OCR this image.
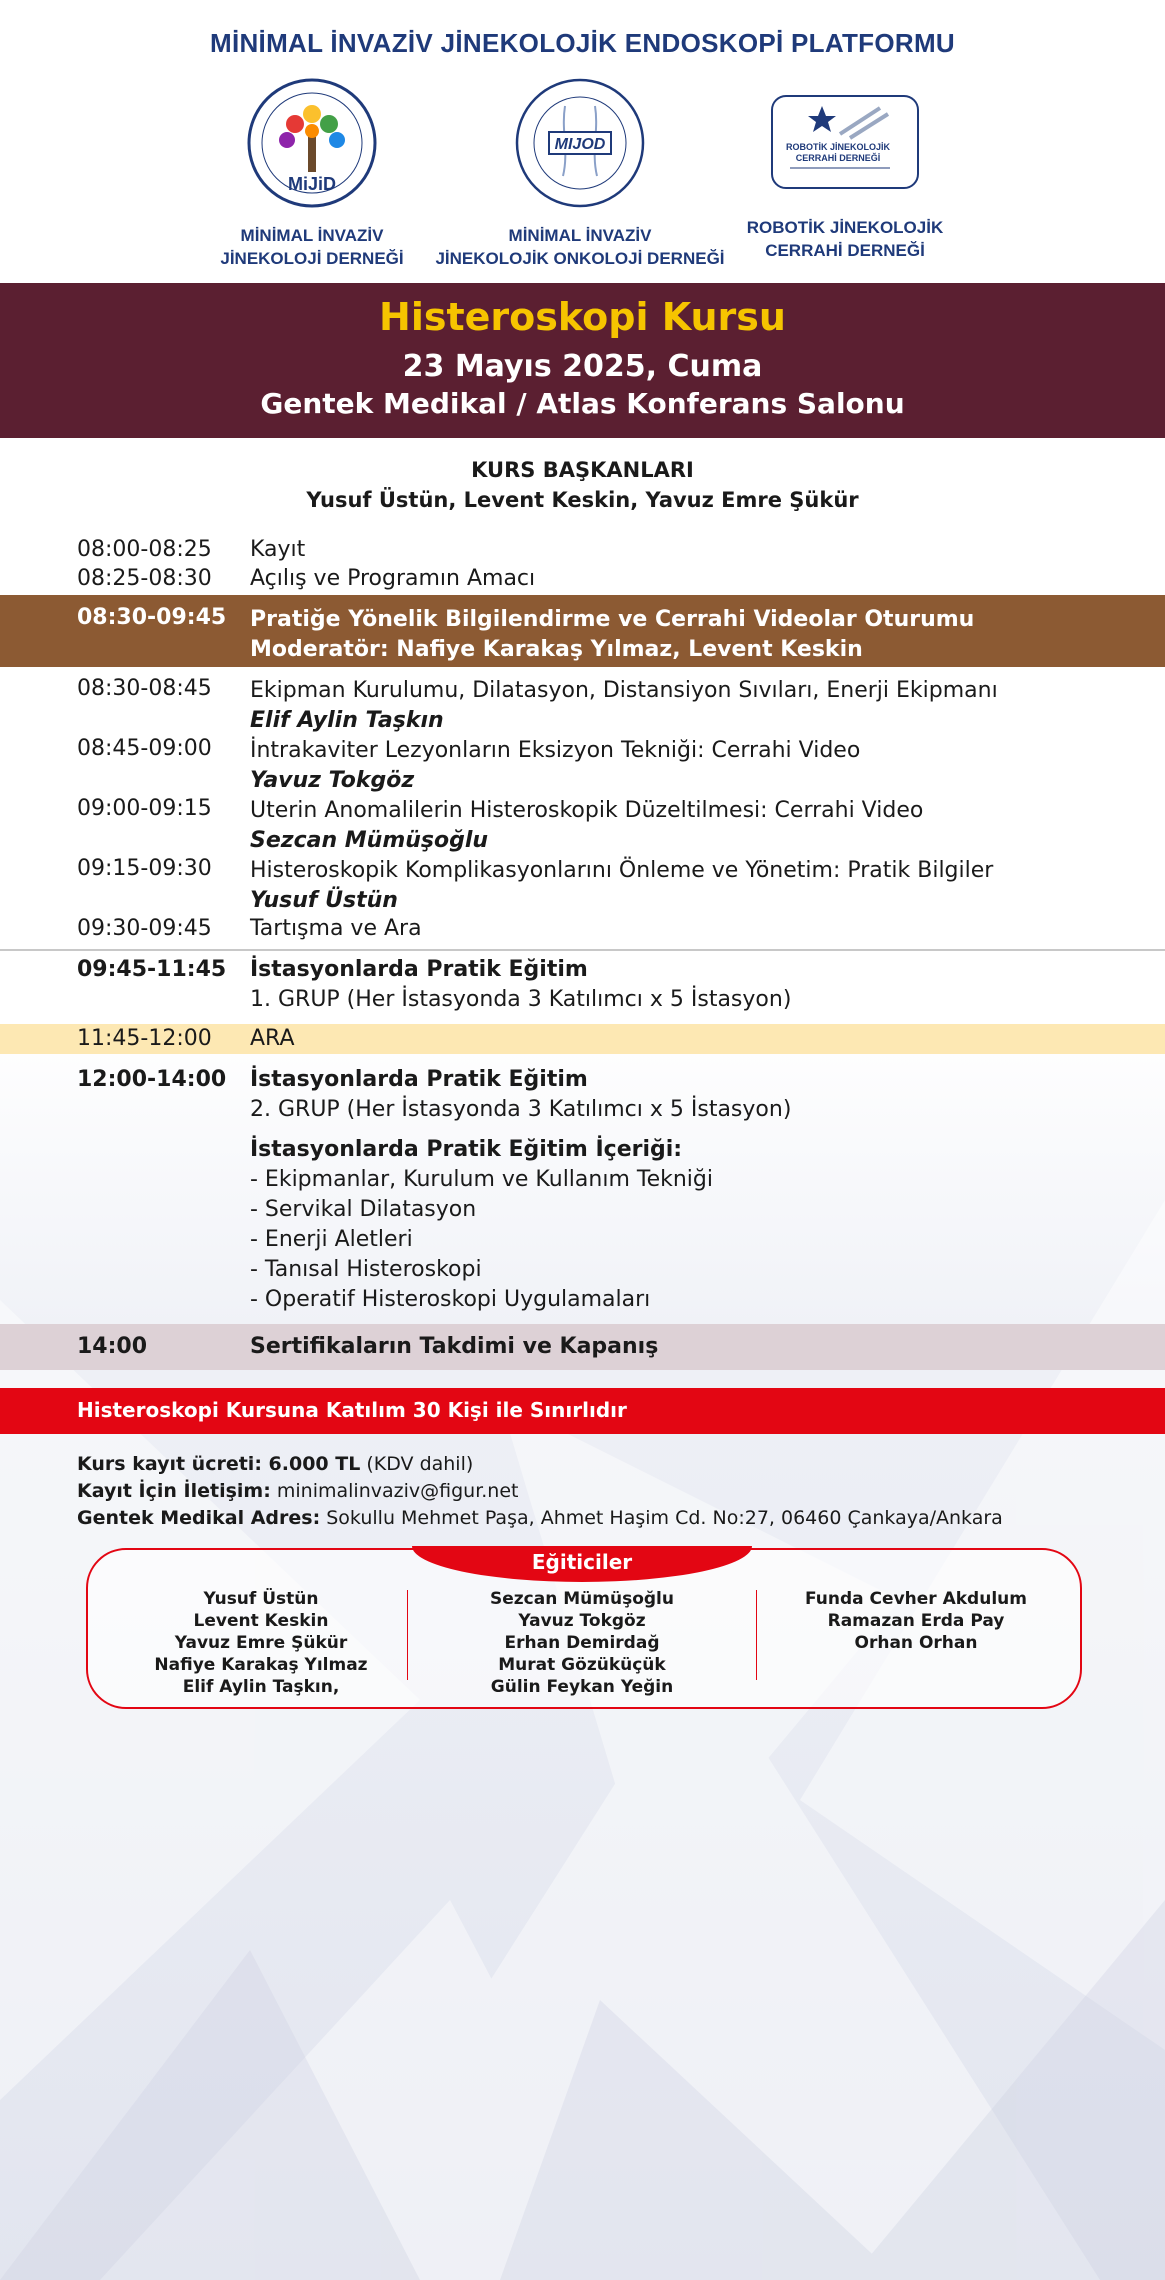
MİNİMAL İNVAZİV JİNEKOLOJİK ENDOSKOPİ PLATFORMU
MiJiD
MİNİMAL İNVAZİV
JİNEKOLOJİ DERNEĞİ
MIJOD
MİNİMAL İNVAZİV
JİNEKOLOJİK ONKOLOJİ DERNEĞİ
ROBOTİK JİNEKOLOJİK
CERRAHİ DERNEĞİ
ROBOTİK JİNEKOLOJİK
CERRAHİ DERNEĞİ
Histeroskopi Kursu
23 Mayıs 2025, Cuma
Gentek Medikal / Atlas Konferans Salonu
KURS BAŞKANLARI
Yusuf Üstün, Levent Keskin, Yavuz Emre Şükür
08:00-08:25 Kayıt
08:25-08:30 Açılış ve Programın Amacı
08:30-09:45 Pratiğe Yönelik Bilgilendirme ve Cerrahi Videolar Oturumu
Moderatör: Nafiye Karakaş Yılmaz, Levent Keskin
08:30-08:45 Ekipman Kurulumu, Dilatasyon, Distansiyon Sıvıları, Enerji Ekipmanı
Elif Aylin Taşkın
08:45-09:00 İntrakaviter Lezyonların Eksizyon Tekniği: Cerrahi Video
Yavuz Tokgöz
09:00-09:15 Uterin Anomalilerin Histeroskopik Düzeltilmesi: Cerrahi Video
Sezcan Mümüşoğlu
09:15-09:30 Histeroskopik Komplikasyonlarını Önleme ve Yönetim: Pratik Bilgiler
Yusuf Üstün
09:30-09:45 Tartışma ve Ara
09:45-11:45 İstasyonlarda Pratik Eğitim
1. GRUP (Her İstasyonda 3 Katılımcı x 5 İstasyon)
11:45-12:00 ARA
12:00-14:00 İstasyonlarda Pratik Eğitim
2. GRUP (Her İstasyonda 3 Katılımcı x 5 İstasyon)
İstasyonlarda Pratik Eğitim İçeriği:
- Ekipmanlar, Kurulum ve Kullanım Tekniği
- Servikal Dilatasyon
- Enerji Aletleri
- Tanısal Histeroskopi
- Operatif Histeroskopi Uygulamaları
14:00	Sertifikaların Takdimi ve Kapanış
Histeroskopi Kursuna Katılım 30 Kişi ile Sınırlıdır
Kurs kayıt ücreti: 6.000 TL (KDV dahil)
Kayıt İçin İletişim: minimalinvaziv@figur.net
Gentek Medikal Adres: Sokullu Mehmet Paşa, Ahmet Haşim Cd. No:27, 06460 Çankaya/Ankara
Eğiticiler
Yusuf Üstün
Levent Keskin
Yavuz Emre Şükür
Nafiye Karakaş Yılmaz
Elif Aylin Taşkın,
Sezcan Mümüşoğlu
Yavuz Tokgöz
Erhan Demirdağ
Murat Gözüküçük
Gülin Feykan Yeğin
Funda Cevher Akdulum
Ramazan Erda Pay
Orhan Orhan
